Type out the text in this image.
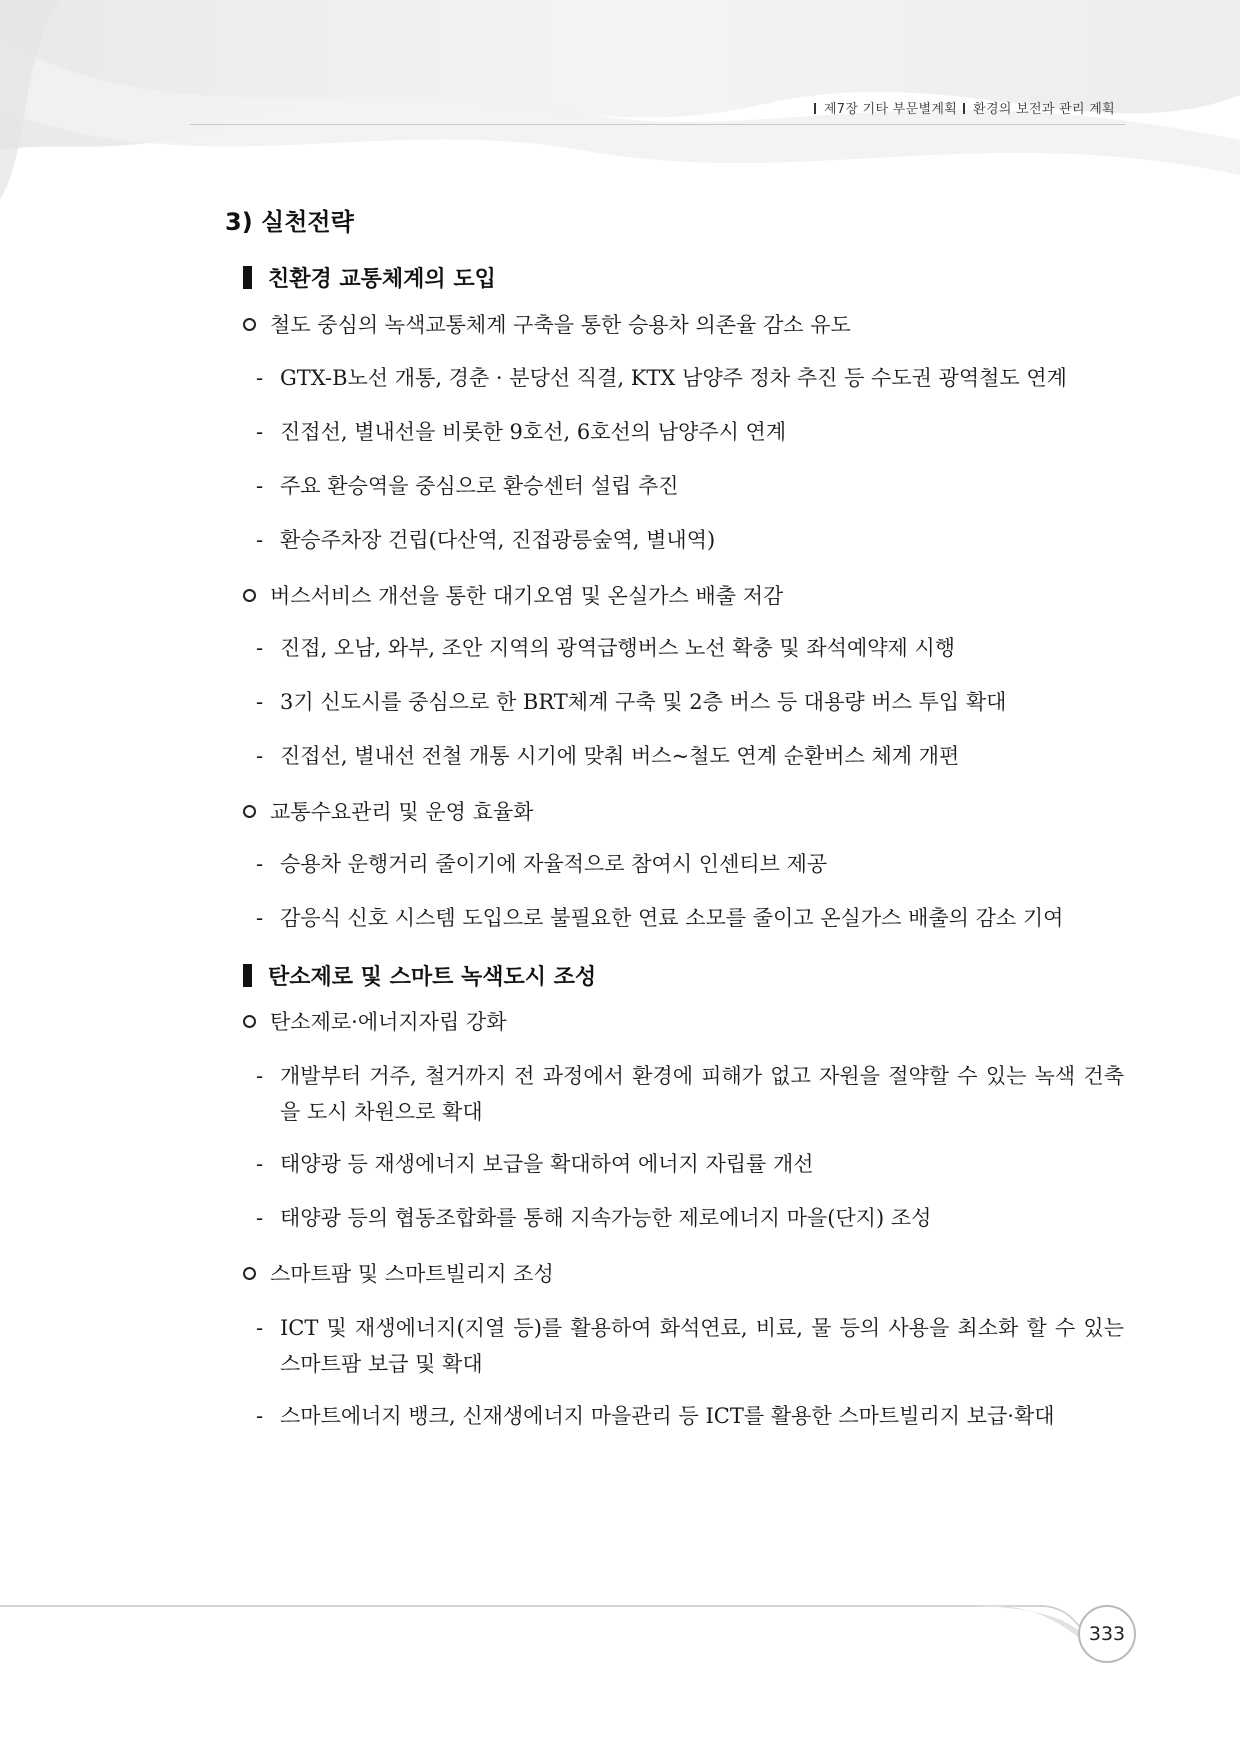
제7장 기타 부문별계획 환경의 보전과 관리 계획
3) 실천전략
친환경 교통체계의 도입
철도 중심의 녹색교통체계 구축을 통한 승용차 의존율 감소 유도
- GTX-B노선 개통, 경춘 · 분당선 직결, KTX 남양주 정차 추진 등 수도권 광역철도 연계
- 진접선, 별내선을 비롯한 9호선, 6호선의 남양주시 연계
- 주요 환승역을 중심으로 환승센터 설립 추진
- 환승주차장 건립(다산역, 진접광릉숲역, 별내역)
버스서비스 개선을 통한 대기오염 및 온실가스 배출 저감
- 진접, 오남, 와부, 조안 지역의 광역급행버스 노선 확충 및 좌석예약제 시행
- 3기 신도시를 중심으로 한 BRT체계 구축 및 2층 버스 등 대용량 버스 투입 확대
- 진접선, 별내선 전철 개통 시기에 맞춰 버스~철도 연계 순환버스 체계 개편
교통수요관리 및 운영 효율화
- 승용차 운행거리 줄이기에 자율적으로 참여시 인센티브 제공
- 감응식 신호 시스템 도입으로 불필요한 연료 소모를 줄이고 온실가스 배출의 감소 기여
탄소제로 및 스마트 녹색도시 조성
탄소제로·에너지자립 강화
- 개발부터 거주, 철거까지 전 과정에서 환경에 피해가 없고 자원을 절약할 수 있는 녹색 건축을 도시 차원으로 확대
- 태양광 등 재생에너지 보급을 확대하여 에너지 자립률 개선
- 태양광 등의 협동조합화를 통해 지속가능한 제로에너지 마을(단지) 조성
스마트팜 및 스마트빌리지 조성
- ICT 및 재생에너지(지열 등)를 활용하여 화석연료, 비료, 물 등의 사용을 최소화 할 수 있는 스마트팜 보급 및 확대
- 스마트에너지 뱅크, 신재생에너지 마을관리 등 ICT를 활용한 스마트빌리지 보급·확대
333
